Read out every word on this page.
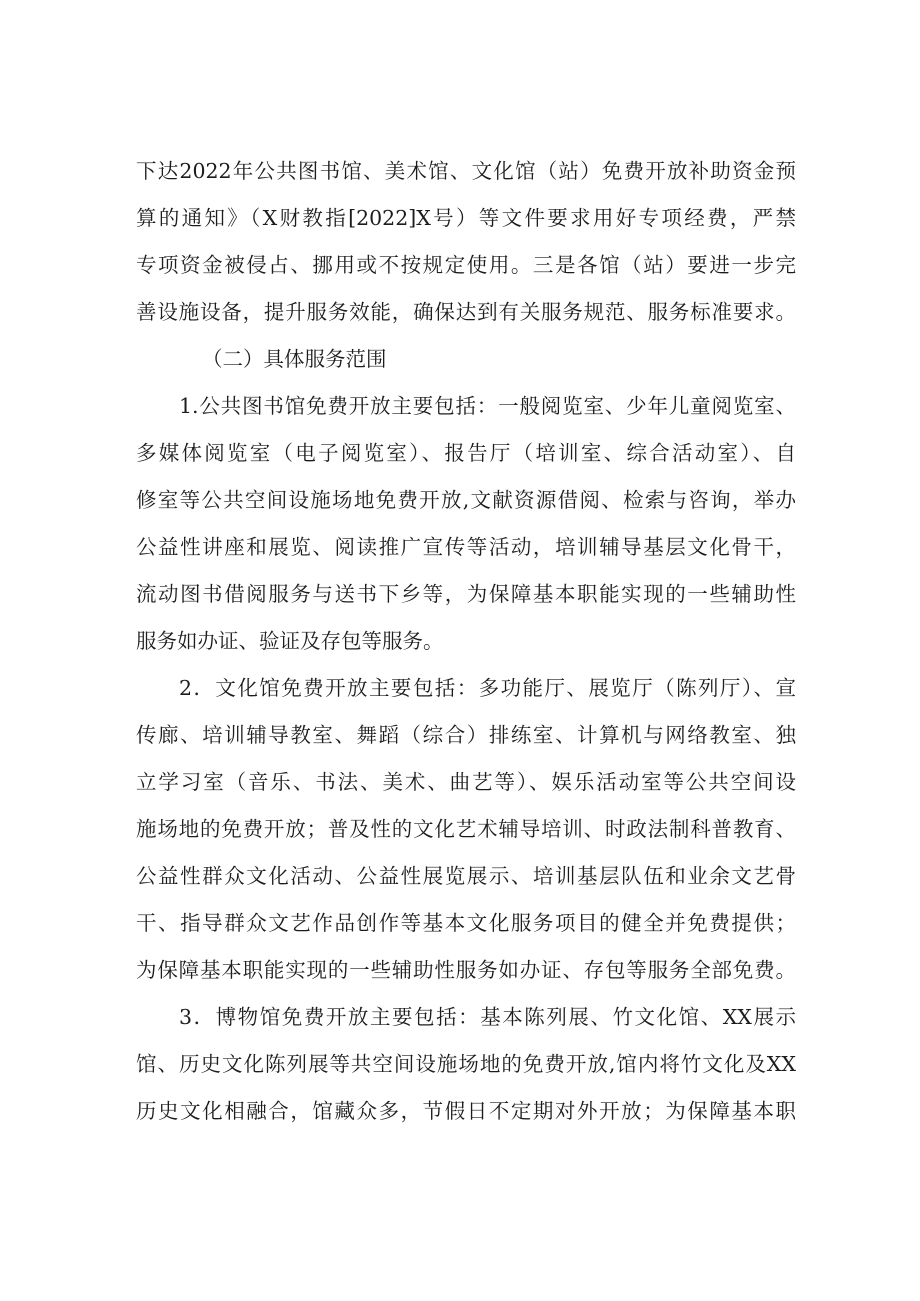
下达2022年公共图书馆、美术馆、文化馆（站）免费开放补助资金预
算的通知》（X财教指[2022]X号）等文件要求用好专项经费，严禁
专项资金被侵占、挪用或不按规定使用。三是各馆（站）要进一步完
善设施设备，提升服务效能，确保达到有关服务规范、服务标准要求。
（二）具体服务范围
1.公共图书馆免费开放主要包括：一般阅览室、少年儿童阅览室、
多媒体阅览室（电子阅览室）、报告厅（培训室、综合活动室）、自
修室等公共空间设施场地免费开放,文献资源借阅、检索与咨询，举办
公益性讲座和展览、阅读推广宣传等活动，培训辅导基层文化骨干，
流动图书借阅服务与送书下乡等，为保障基本职能实现的一些辅助性
服务如办证、验证及存包等服务。
2．文化馆免费开放主要包括：多功能厅、展览厅（陈列厅）、宣
传廊、培训辅导教室、舞蹈（综合）排练室、计算机与网络教室、独
立学习室（音乐、书法、美术、曲艺等）、娱乐活动室等公共空间设
施场地的免费开放；普及性的文化艺术辅导培训、时政法制科普教育、
公益性群众文化活动、公益性展览展示、培训基层队伍和业余文艺骨
干、指导群众文艺作品创作等基本文化服务项目的健全并免费提供；
为保障基本职能实现的一些辅助性服务如办证、存包等服务全部免费。
3．博物馆免费开放主要包括：基本陈列展、竹文化馆、XX展示
馆、历史文化陈列展等共空间设施场地的免费开放,馆内将竹文化及XX
历史文化相融合，馆藏众多，节假日不定期对外开放；为保障基本职
